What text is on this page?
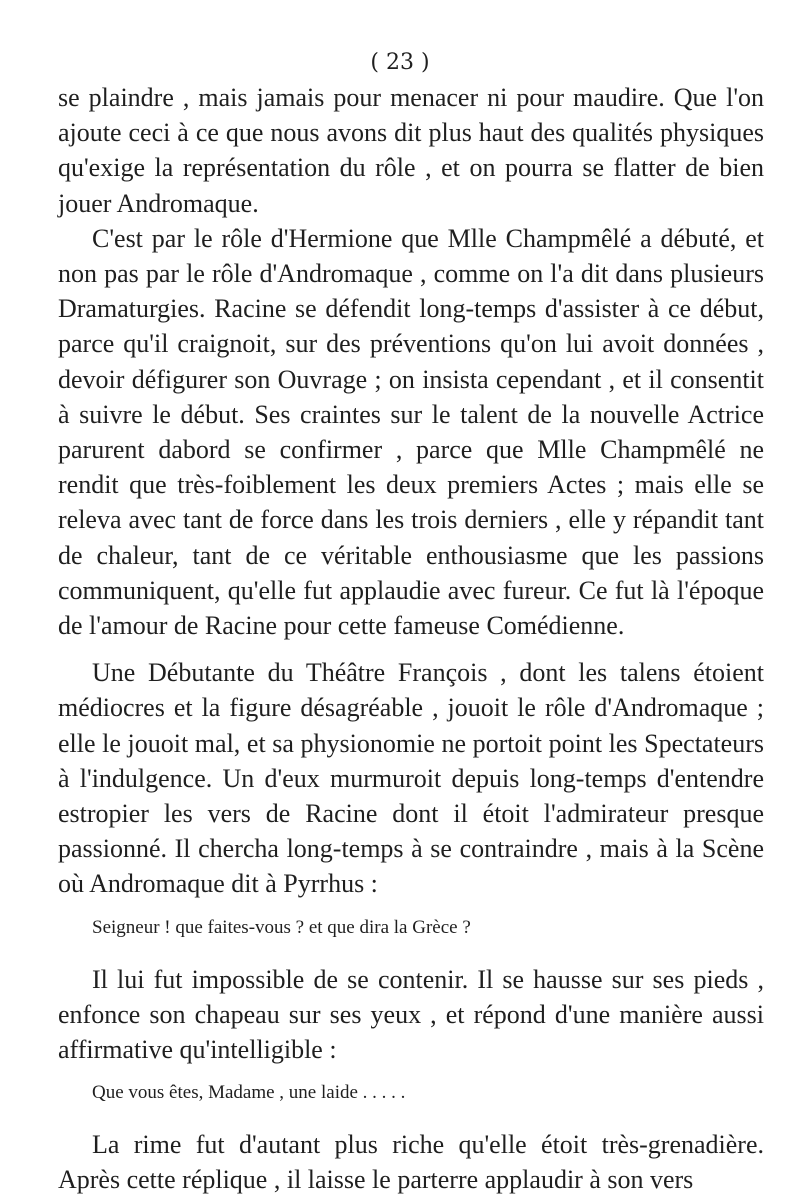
( 23 )

se plaindre , mais jamais pour menacer ni pour maudire. Que l'on ajoute ceci à ce que nous avons dit plus haut des qualités physiques qu'exige la représentation du rôle , et on pourra se flatter de bien jouer Andromaque.

C'est par le rôle d'Hermione que Mlle Champmêlé a débuté, et non pas par le rôle d'Andromaque , comme on l'a dit dans plusieurs Dramaturgies. Racine se défendit long-temps d'assister à ce début, parce qu'il craignoit, sur des préventions qu'on lui avoit données , devoir défigurer son Ouvrage ; on insista cependant , et il consentit à suivre le début. Ses craintes sur le talent de la nouvelle Actrice parurent dabord se confirmer , parce que Mlle Champmêlé ne rendit que très-foiblement les deux premiers Actes ; mais elle se releva avec tant de force dans les trois derniers , elle y répandit tant de chaleur, tant de ce véritable enthousiasme que les passions communiquent, qu'elle fut applaudie avec fureur. Ce fut là l'époque de l'amour de Racine pour cette fameuse Comédienne.

Une Débutante du Théâtre François , dont les talens étoient médiocres et la figure désagréable , jouoit le rôle d'Andromaque ; elle le jouoit mal, et sa physionomie ne portoit point les Spectateurs à l'indulgence. Un d'eux murmuroit depuis long-temps d'entendre estropier les vers de Racine dont il étoit l'admirateur presque passionné. Il chercha long-temps à se contraindre , mais à la Scène où Andromaque dit à Pyrrhus :

Seigneur ! que faites-vous ? et que dira la Grèce ?

Il lui fut impossible de se contenir. Il se hausse sur ses pieds , enfonce son chapeau sur ses yeux , et répond d'une manière aussi affirmative qu'intelligible :

Que vous êtes, Madame , une laide . . . . .

La rime fut d'autant plus riche qu'elle étoit très-grenadière. Après cette réplique , il laisse le parterre applaudir à son vers
